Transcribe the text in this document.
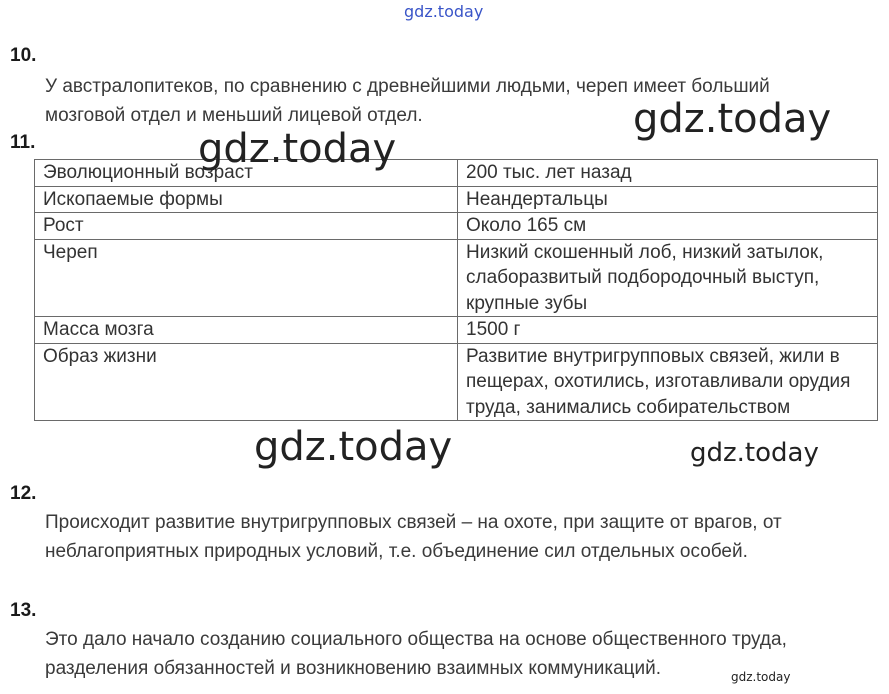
gdz.today
10.

У австралопитеков, по сравнению с древнейшими людьми, череп имеет больший мозговой отдел и меньший лицевой отдел.

11.
Эволюционный возраст	200 тыс. лет назад
Ископаемые формы	Неандертальцы
Рост	Около 165 см
Череп	Низкий скошенный лоб, низкий затылок, слаборазвитый подбородочный выступ, крупные зубы
Масса мозга	1500 г
Образ жизни	Развитие внутригрупповых связей, жили в пещерах, охотились, изготавливали орудия труда, занимались собирательством
12.

Происходит развитие внутригрупповых связей – на охоте, при защите от врагов, от неблагоприятных природных условий, т.е. объединение сил отдельных особей.

13.

Это дало начало созданию социального общества на основе общественного труда, разделения обязанностей и возникновению взаимных коммуникаций.

gdz.today
gdz.today
gdz.today	gdz.today
gdz.today
